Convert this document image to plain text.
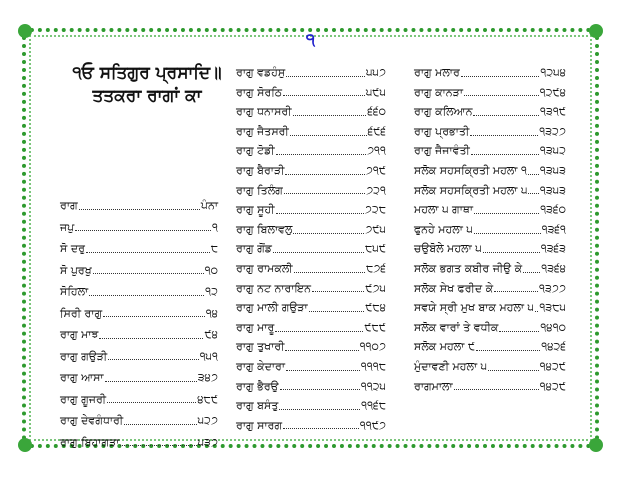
੧
੧ਓ ਸਤਿਗੁਰ ਪ੍ਰਸਾਦਿ॥
ਤਤਕਰਾ ਰਾਗਾਂ ਕਾ
ਰਾਗ	ਪੰਨਾ
ਜਪੁ	੧
ਸੋ ਦਰੁ	੮
ਸੋ ਪੁਰਖੁ	੧੦
ਸੋਹਿਲਾ	੧੨
ਸਿਰੀ ਰਾਗੁ	੧੪
ਰਾਗੁ ਮਾਝ	੯੪
ਰਾਗੁ ਗਉੜੀ	੧੫੧
ਰਾਗੁ ਆਸਾ	੩੪੭
ਰਾਗੁ ਗੂਜਰੀ	੪੮੯
ਰਾਗੁ ਦੇਵਗੰਧਾਰੀ	੫੨੭
ਰਾਗੁ ਬਿਹਾਗੜਾ	੫੩੭
ਰਾਗੁ ਵਡਹੰਸੁ	੫੫੭
ਰਾਗੁ ਸੋਰਠਿ	੫੯੫
ਰਾਗੁ ਧਨਾਸਰੀ	੬੬੦
ਰਾਗੁ ਜੈਤਸਰੀ	੬੯੬
ਰਾਗੁ ਟੋਡੀ	੭੧੧
ਰਾਗੁ ਬੈਰਾੜੀ	੭੧੯
ਰਾਗੁ ਤਿਲੰਗ	੭੨੧
ਰਾਗੁ ਸੂਹੀ	੭੨੮
ਰਾਗੁ ਬਿਲਾਵਲੁ	੭੯੫
ਰਾਗੁ ਗੋਂਡ	੮੫੯
ਰਾਗੁ ਰਾਮਕਲੀ	੮੭੬
ਰਾਗੁ ਨਟ ਨਾਰਾਇਨ	੯੭੫
ਰਾਗੁ ਮਾਲੀ ਗਉੜਾ	੯੮੪
ਰਾਗੁ ਮਾਰੂ	੯੮੯
ਰਾਗੁ ਤੁਖਾਰੀ	੧੧੦੭
ਰਾਗੁ ਕੇਦਾਰਾ	੧੧੧੮
ਰਾਗੁ ਭੈਰਉ	੧੧੨੫
ਰਾਗੁ ਬਸੰਤੁ	੧੧੬੮
ਰਾਗੁ ਸਾਰਗ	੧੧੯੭
ਰਾਗੁ ਮਲਾਰ	੧੨੫੪
ਰਾਗੁ ਕਾਨੜਾ	੧੨੯੪
ਰਾਗੁ ਕਲਿਆਨ	੧੩੧੯
ਰਾਗੁ ਪ੍ਰਭਾਤੀ	੧੩੨੭
ਰਾਗੁ ਜੈਜਾਵੰਤੀ	੧੩੫੨
ਸਲੋਕ ਸਹਸਕ੍ਰਿਤੀ ਮਹਲਾ ੧ ੧੩੫੩
ਸਲੋਕ ਸਹਸਕ੍ਰਿਤੀ ਮਹਲਾ ੫ ੧੩੫੩
ਮਹਲਾ ੫ ਗਾਥਾ	੧੩੬੦
ਫੁਨਹੇ ਮਹਲਾ ੫	੧੩੬੧
ਚਉਬੋਲੇ ਮਹਲਾ ੫	੧੩੬੩
ਸਲੋਕ ਭਗਤ ਕਬੀਰ ਜੀਉ ਕੇ ੧੩੬੪
ਸਲੋਕ ਸੇਖ ਫਰੀਦ ਕੇ	੧੩੭੭
ਸਵਯੇ ਸ੍ਰੀ ਮੁਖ ਬਾਕ ਮਹਲਾ ੫ ੧੩੮੫
ਸਲੋਕ ਵਾਰਾਂ ਤੇ ਵਧੀਕ	੧੪੧੦
ਸਲੋਕ ਮਹਲਾ ੯	੧੪੨੬
ਮੁੰਦਾਵਣੀ ਮਹਲਾ ੫	੧੪੨੯
ਰਾਗਮਾਲਾ	੧੪੨੯
